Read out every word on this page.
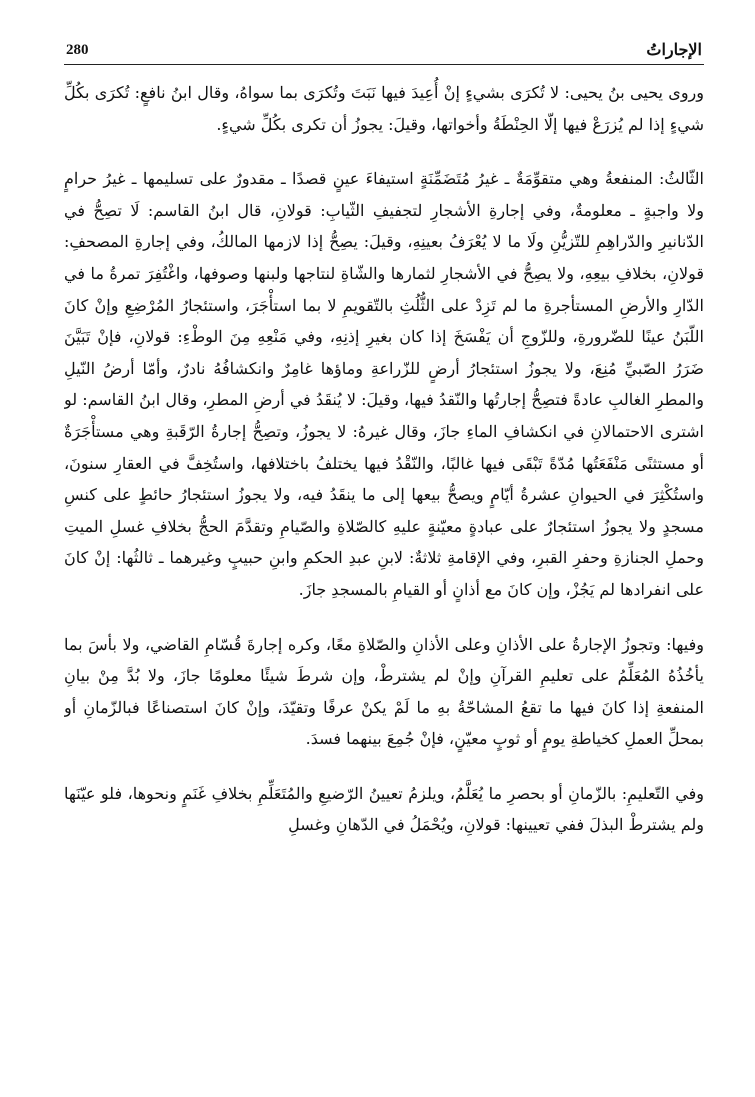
280	الإجاراتُ

وروى يحيى بنُ يحيى: لا تُكرَى بشيءٍ إنْ أُعِيدَ فيها نَبَتَ وتُكرَى بما سواهُ، وقال ابنُ نافعٍ: تُكرَى بكُلِّ شيءٍ إذا لم يُزرَعْ فيها إلّا الحِنْطَةُ وأخواتها، وقيلَ: يجوزُ أن تكرى بكُلِّ شيءٍ.

الثّالثُ: المنفعةُ وهي متقوِّمَةٌ ـ غيرُ مُتَضَمِّنَةٍ استيفاءَ عينٍ قصدًا ـ مقدورٌ على تسليمها ـ غيرُ حرامٍ ولا واجبةٍ ـ معلومةٌ، وفي إجارةِ الأشجارِ لتجفيفِ الثّيابِ: قولانِ، قال ابنُ القاسم: لَا تصِحُّ في الدّنانيرِ والدّراهِمِ للتّزيُّنِ ولَا ما لا يُعْرَفُ بعينِهِ، وقيلَ: يصِحُّ إذا لازمها المالكُ، وفي إجارةِ المصحفِ: قولانِ، بخلافِ بيعِهِ، ولا يصِحُّ في الأشجارِ لثمارها والشّاةِ لنتاجها ولبنها وصوفها، واغْتُفِرَ تمرةُ ما في الدّارِ والأرضِ المستأجرةِ ما لم تَزِدْ على الثُّلُثِ بالتّقويمِ لا بما استأْجَرَ، واستئجارُ المُرْضِعِ وإنْ كانَ اللّبَنُ عينًا للضّرورةِ، وللزّوجِ أن يَفْسَخَ إذا كان بغيرِ إذنِهِ، وفي مَنْعِهِ مِنَ الوطْءِ: قولانِ، فإنْ تَبَيَّنَ ضَرَرُ الصّبيِّ مُنِعَ، ولا يجوزُ استئجارُ أرضٍ للزّراعةِ وماؤها غامِرٌ وانكشافُهُ نادرٌ، وأمّا أرضُ النّيلِ والمطرِ الغالبِ عادةً فتصِحُّ إجارتُها والنّقدُ فيها، وقيلَ: لا يُنقَدُ في أرضِ المطرِ، وقال ابنُ القاسم: لو اشترى الاحتمالانِ في انكشافِ الماءِ جازَ، وقال غيرهُ: لا يجوزُ، وتصِحُّ إجارةُ الرّقَبةِ وهي مستأْجَرَةٌ أو مستثنًى مَنْفَعَتُها مُدّةً تَبْقَى فيها غالبًا، والنّقْدُ فيها يختلفُ باختلافها، واستُخِفَّ في العقارِ سنونَ، واستُكْثِرَ في الحيوانِ عشرةُ أيّامٍ ويصحُّ بيعها إلى ما ينقَدُ فيه، ولا يجوزُ استئجارُ حائطٍ على كنسِ مسجدٍ ولا يجوزُ استئجارٌ على عبادةٍ معيّنةٍ عليهِ كالصّلاةِ والصّيامِ وتقدَّمَ الحجُّ بخلافِ غسلِ الميتِ وحملِ الجنازةِ وحفرِ القبرِ، وفي الإقامةِ ثلاثةٌ: لابنِ عبدِ الحكمِ وابنِ حبيبٍ وغيرهما ـ ثالثُها: إنْ كانَ على انفرادها لم يَجُزْ، وإن كانَ مع أذانٍ أو القيامِ بالمسجدِ جازَ.

وفيها: وتجوزُ الإجارةُ على الأذانِ وعلى الأذانِ والصّلاةِ معًا، وكره إجارةَ قُسّامِ القاضي، ولا بأسَ بما يأخُذُهُ المُعَلِّمُ على تعليمِ القرآنِ وإنْ لم يشترطْ، وإن شرطَ شيئًا معلومًا جازَ، ولا بُدَّ مِنْ بيانِ المنفعةِ إذا كانَ فيها ما تقعُ المشاحّةُ بهِ ما لَمْ يكنْ عرفًا وتقيّدَ، وإنْ كانَ استصناعًا فبالزّمانِ أو بمحلِّ العملِ كخياطةِ يومٍ أو ثوبٍ معيّنٍ، فإنْ جُمِعَ بينهما فسدَ.

وفي التّعليمِ: بالزّمانِ أو بحصرِ ما يُعَلَّمُ، ويلزمُ تعيينُ الرّضيعِ والمُتَعَلِّمِ بخلافِ غَنَمٍ ونحوها، فلو عيّنَها ولم يشترطْ البذلَ ففي تعيينها: قولانِ، ويُحْمَلُ في الدّهانِ وغسلِ
